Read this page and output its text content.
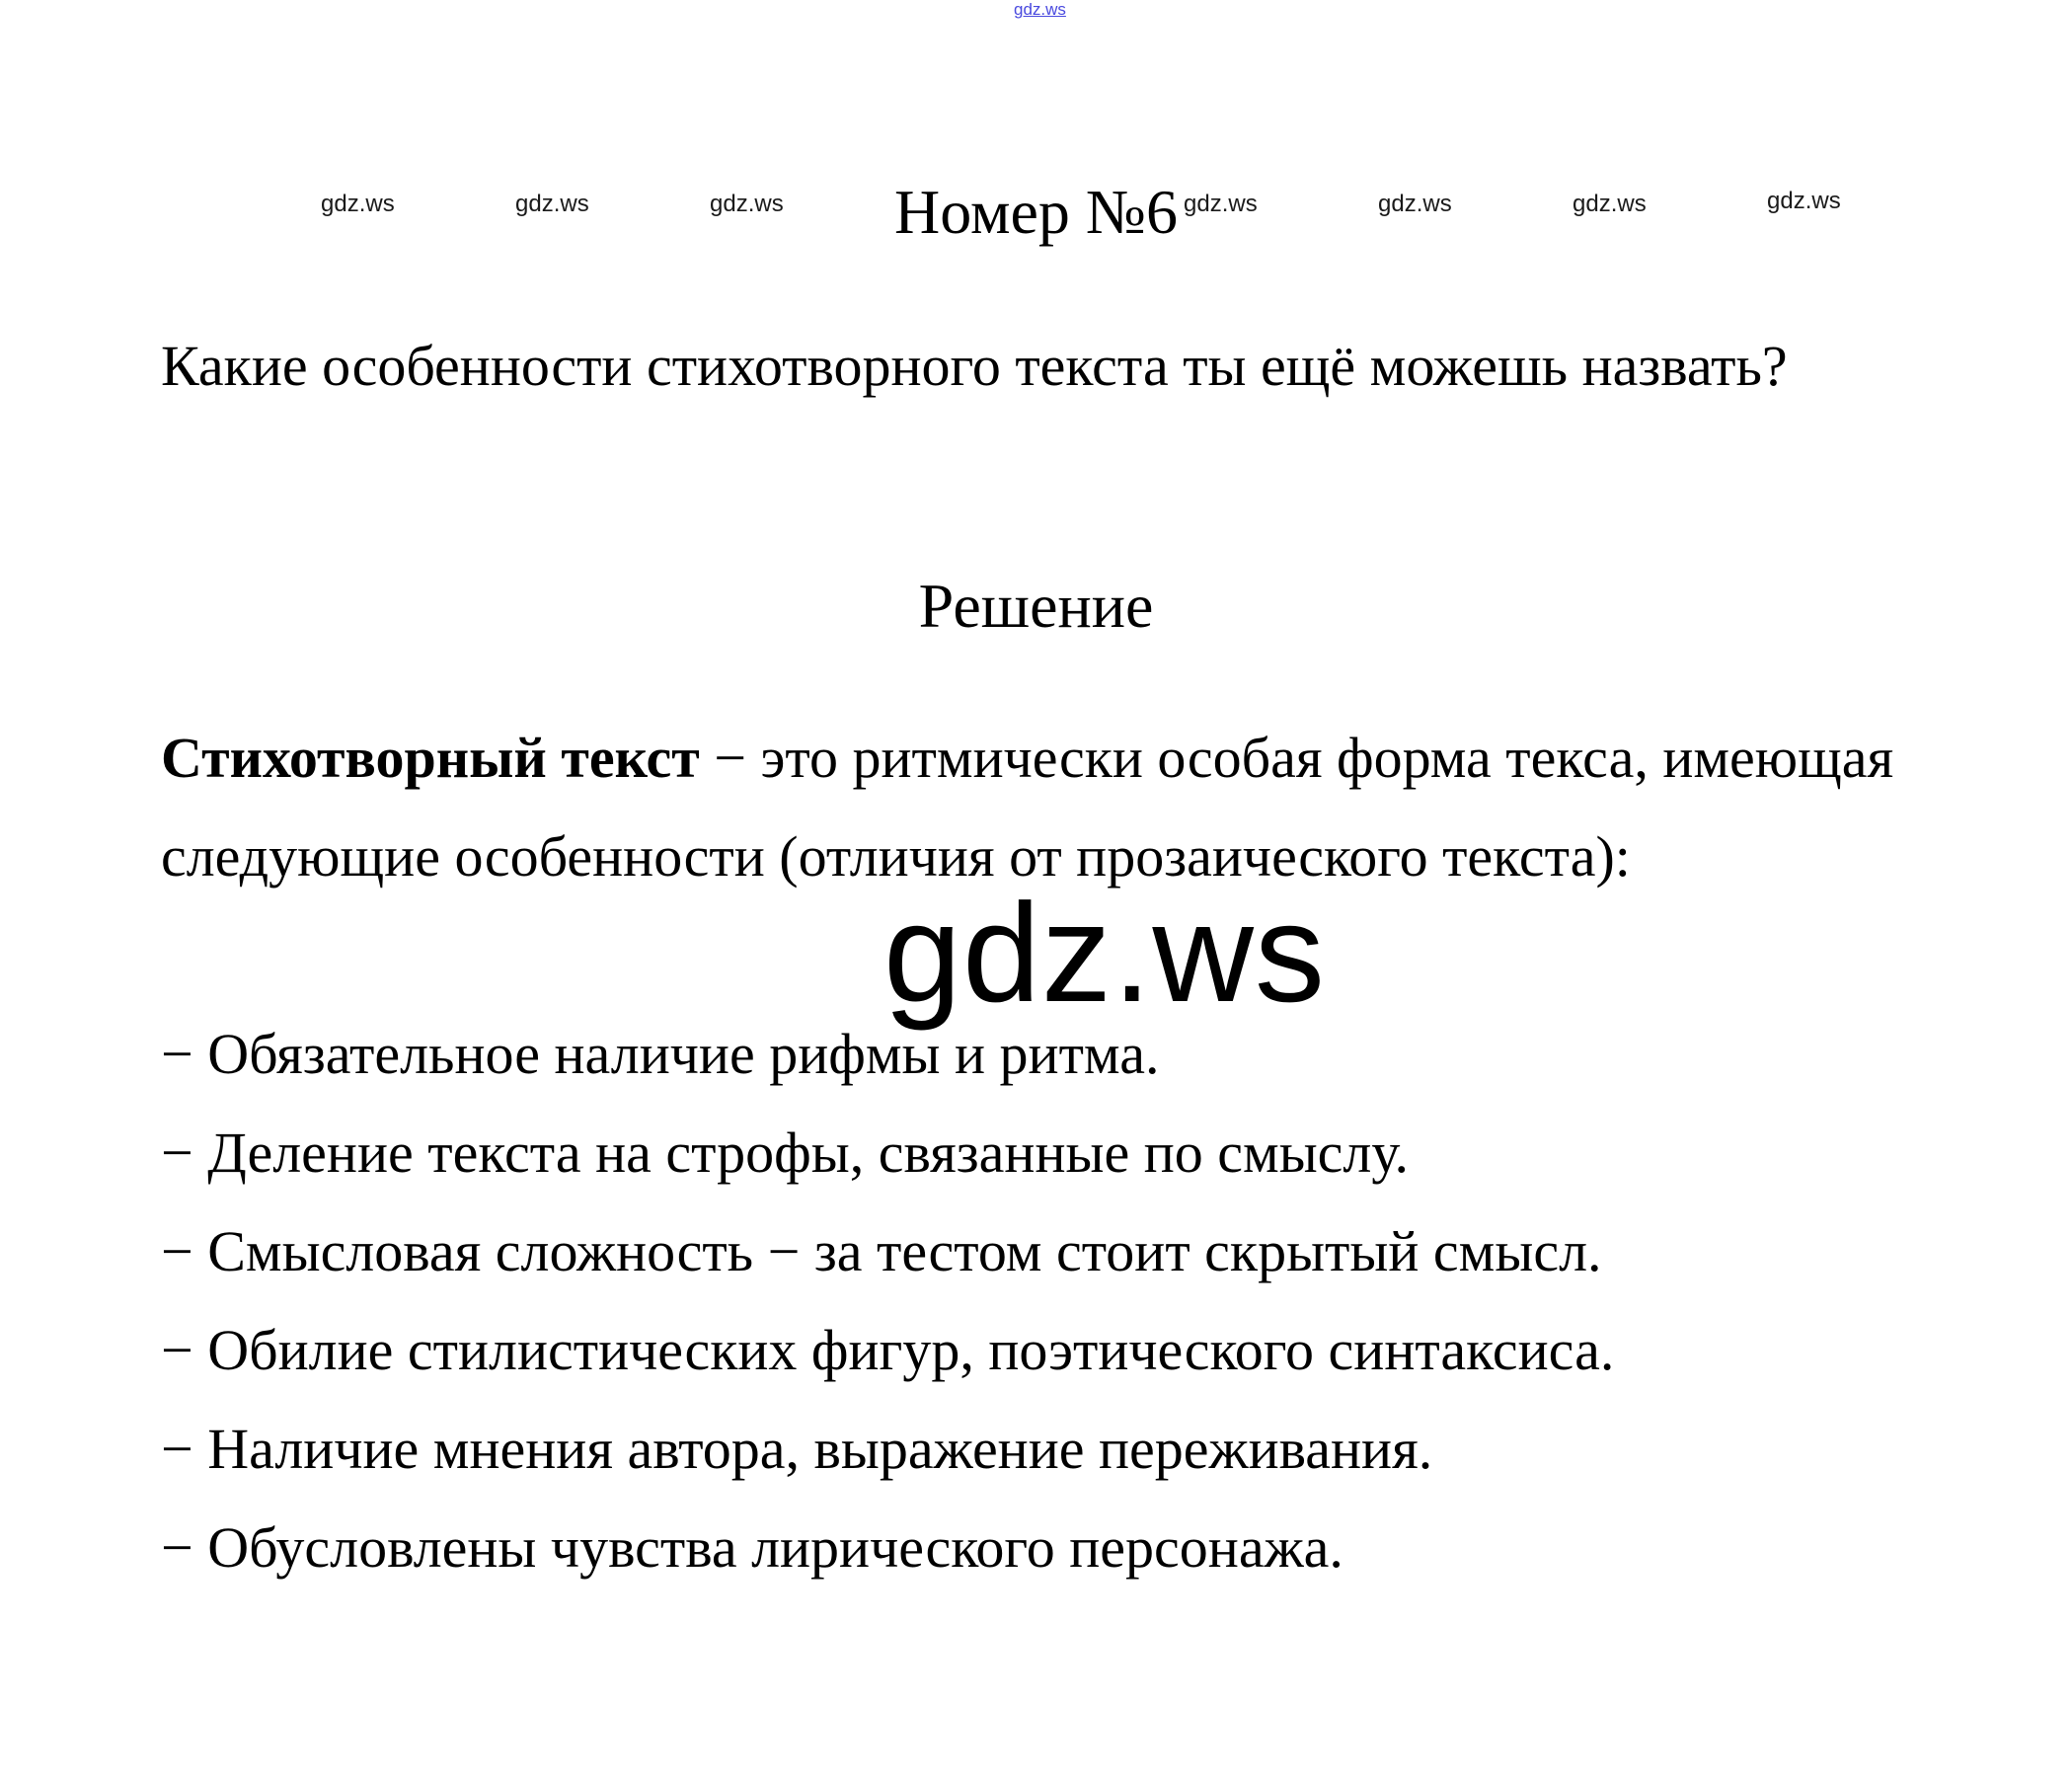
gdz.ws
gdz.ws	gdz.ws	gdz.ws	gdz.ws	gdz.ws	gdz.ws	gdz.ws
Номер №6

Какие особенности стихотворного текста ты ещё можешь назвать?

Решение

Стихотворный текст − это ритмически особая форма текса, имеющая следующие особенности (отличия от прозаического текста):

− Обязательное наличие рифмы и ритма.
− Деление текста на строфы, связанные по смыслу.
− Смысловая сложность − за тестом стоит скрытый смысл.
− Обилие стилистических фигур, поэтического синтаксиса.
− Наличие мнения автора, выражение переживания.
− Обусловлены чувства лирического персонажа.
gdz.ws
